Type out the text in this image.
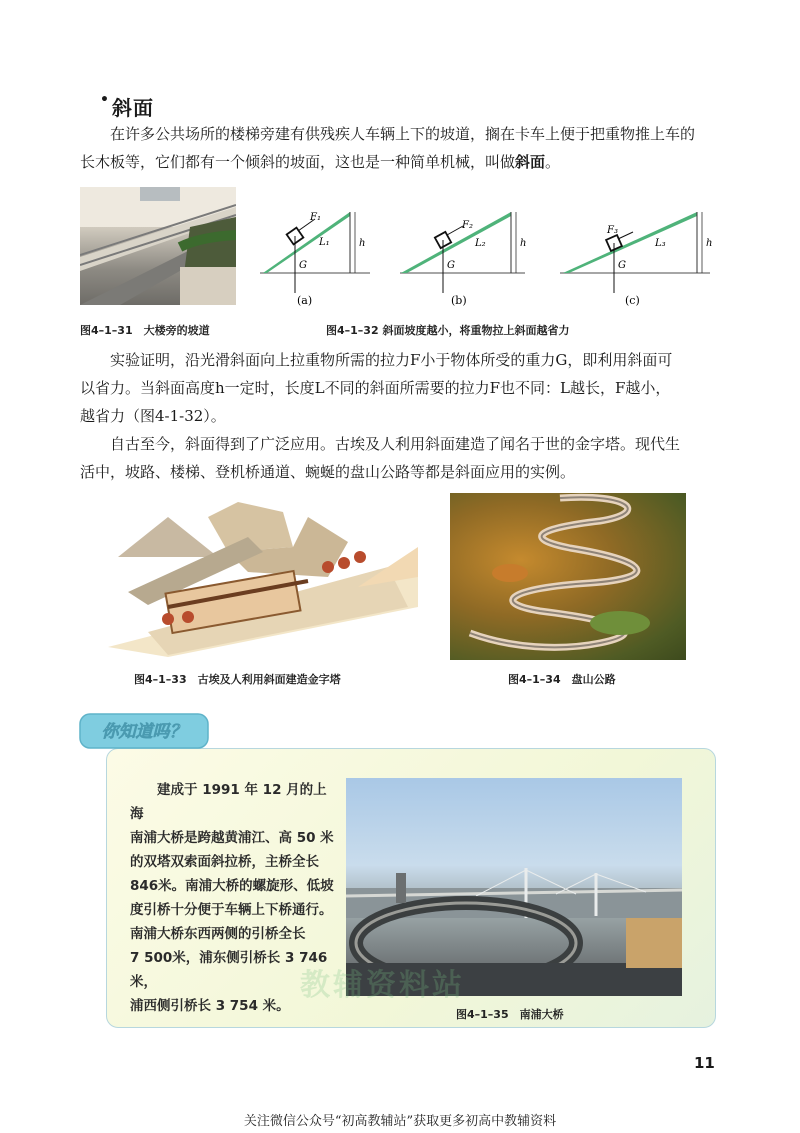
• 斜面
在许多公共场所的楼梯旁建有供残疾人车辆上下的坡道，搁在卡车上便于把重物推上车的
长木板等，它们都有一个倾斜的坡面，这也是一种简单机械，叫做斜面。
图4–1–31　大楼旁的坡道
F₁
L₁	h
G
(a)
F₂
L₂	h
G
(b)
F₃
L₃	h
G
(c)
图4–1–32 斜面坡度越小，将重物拉上斜面越省力
实验证明，沿光滑斜面向上拉重物所需的拉力F小于物体所受的重力G，即利用斜面可
以省力。当斜面高度h一定时，长度L不同的斜面所需要的拉力F也不同：L越长，F越小，
越省力（图4-1-32）。
自古至今，斜面得到了广泛应用。古埃及人利用斜面建造了闻名于世的金字塔。现代生
活中，坡路、楼梯、登机桥通道、蜿蜒的盘山公路等都是斜面应用的实例。
图4–1–33　古埃及人利用斜面建造金字塔	图4–1–34　盘山公路
你知道吗？
　　建成于 1991 年 12 月的上海
南浦大桥是跨越黄浦江、高 50 米
的双塔双索面斜拉桥，主桥全长
846米。南浦大桥的螺旋形、低坡
度引桥十分便于车辆上下桥通行。
南浦大桥东西两侧的引桥全长
7 500米，浦东侧引桥长 3 746米，
浦西侧引桥长 3 754 米。
图4–1–35　南浦大桥
教辅资料站
11
关注微信公众号“初高教辅站”获取更多初高中教辅资料
